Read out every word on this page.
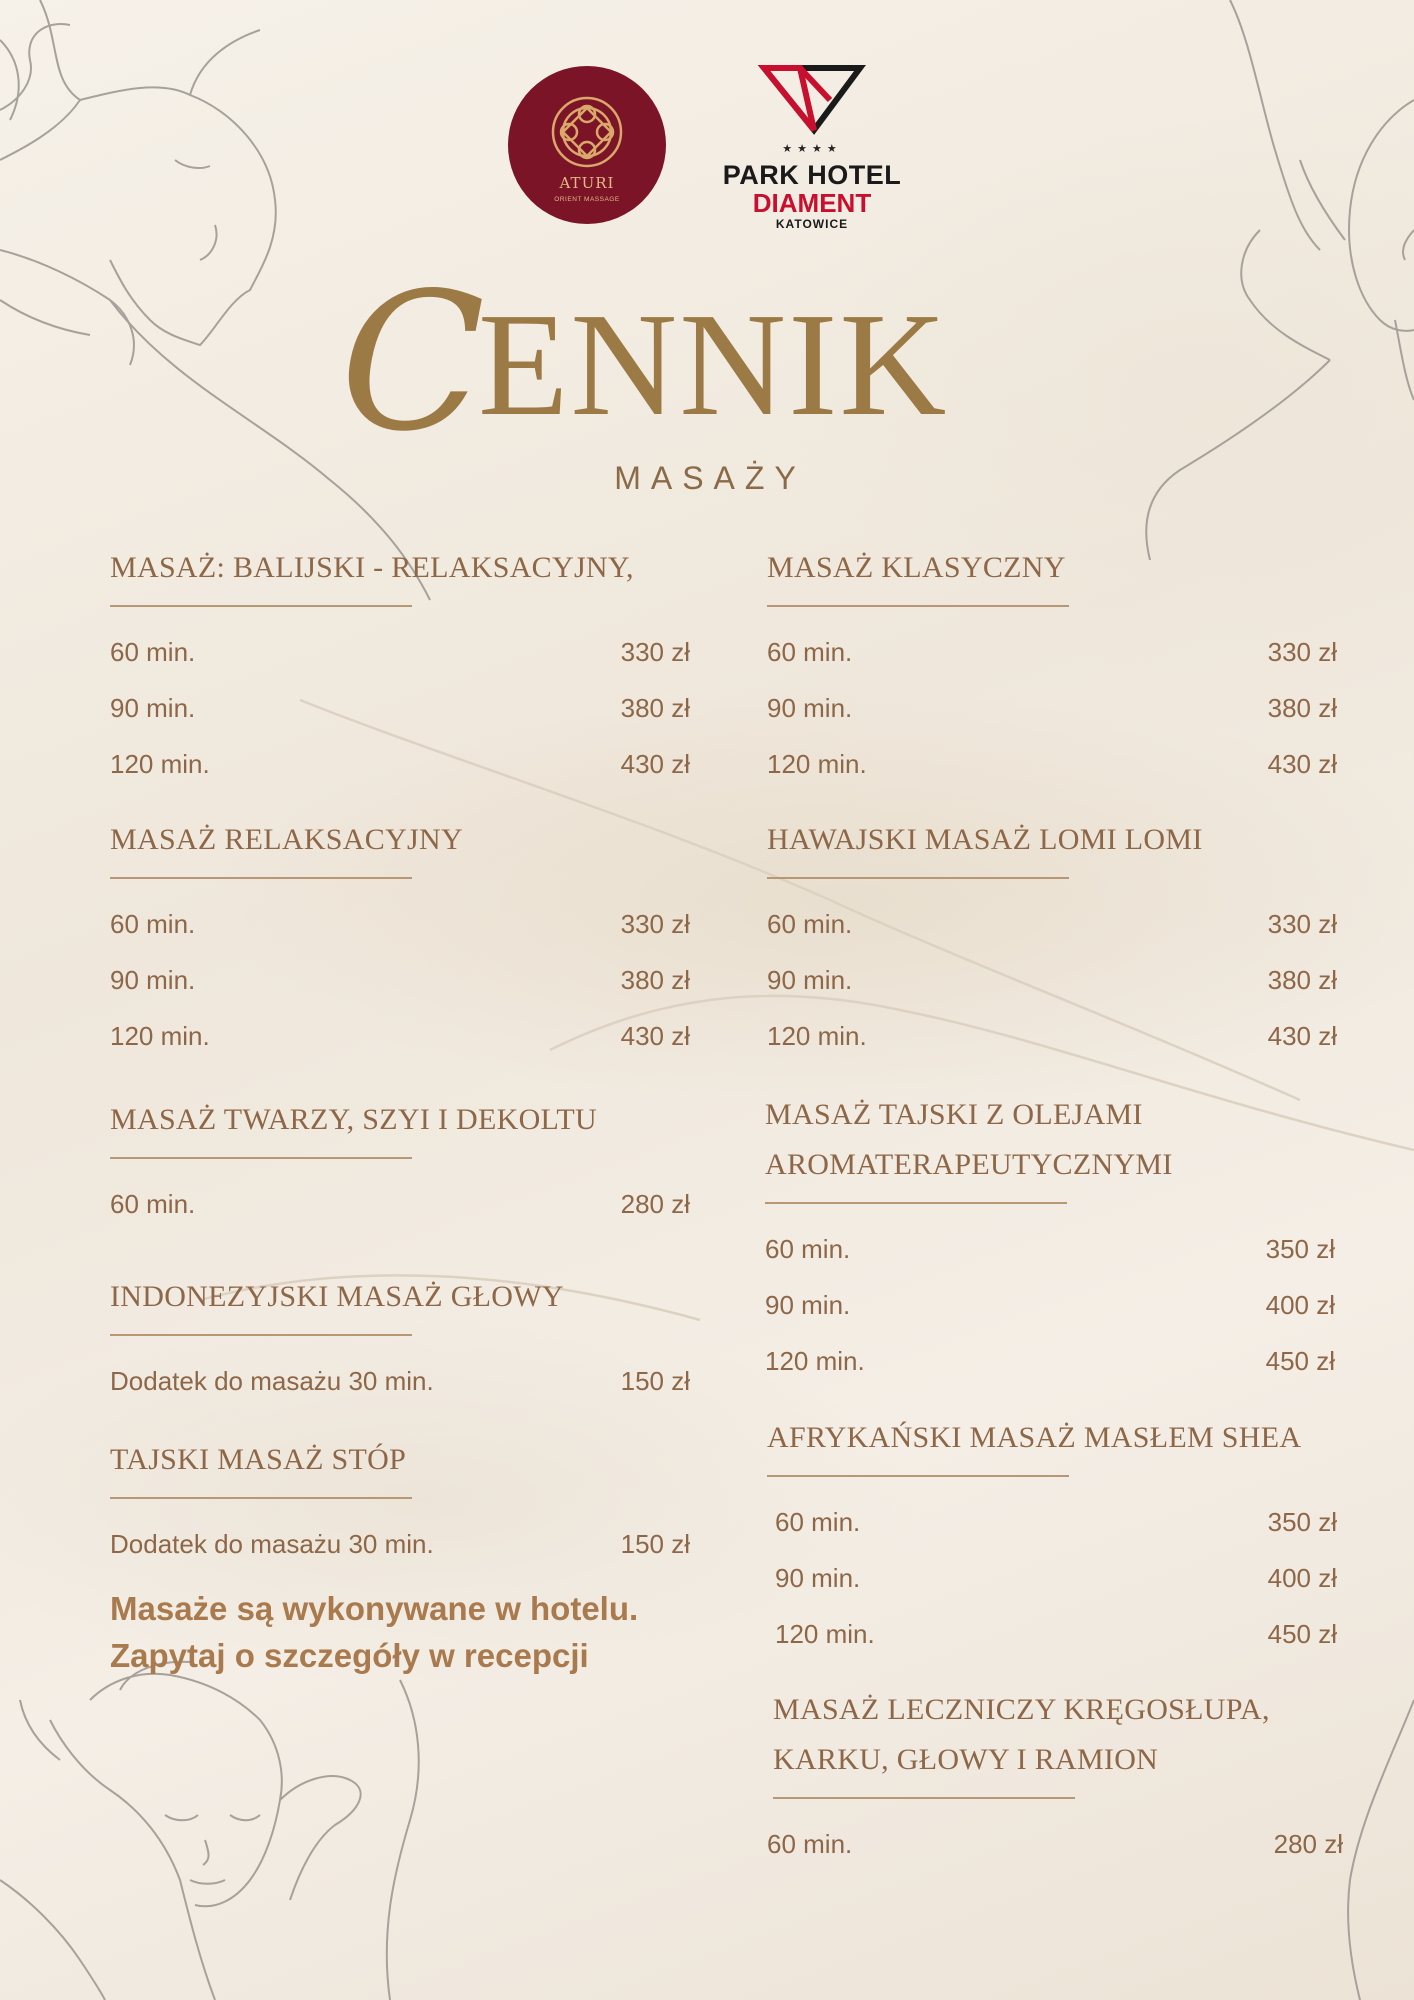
ATURI
ORIENT MASSAGE
★★★★
PARK HOTEL
DIAMENT
KATOWICE
C
ENNIK
MASAŻY
MASAŻ: BALIJSKI - RELAKSACYJNY,
60 min.	330 zł
90 min.	380 zł
120 min.	430 zł
MASAŻ RELAKSACYJNY
60 min.	330 zł
90 min.	380 zł
120 min.	430 zł
MASAŻ TWARZY, SZYI I DEKOLTU
60 min.	280 zł
INDONEZYJSKI MASAŻ GŁOWY
Dodatek do masażu 30 min.	150 zł
TAJSKI MASAŻ STÓP
Dodatek do masażu 30 min.	150 zł
Masaże są wykonywane w hotelu.
Zapytaj o szczegóły w recepcji
MASAŻ KLASYCZNY
60 min.	330 zł
90 min.	380 zł
120 min.	430 zł
HAWAJSKI MASAŻ LOMI LOMI
60 min.	330 zł
90 min.	380 zł
120 min.	430 zł
MASAŻ TAJSKI Z OLEJAMI
AROMATERAPEUTYCZNYMI
60 min.	350 zł
90 min.	400 zł
120 min.	450 zł
AFRYKAŃSKI MASAŻ MASŁEM SHEA
60 min.	350 zł
90 min.	400 zł
120 min.	450 zł
MASAŻ LECZNICZY KRĘGOSŁUPA,
KARKU, GŁOWY I RAMION
60 min.	280 zł
